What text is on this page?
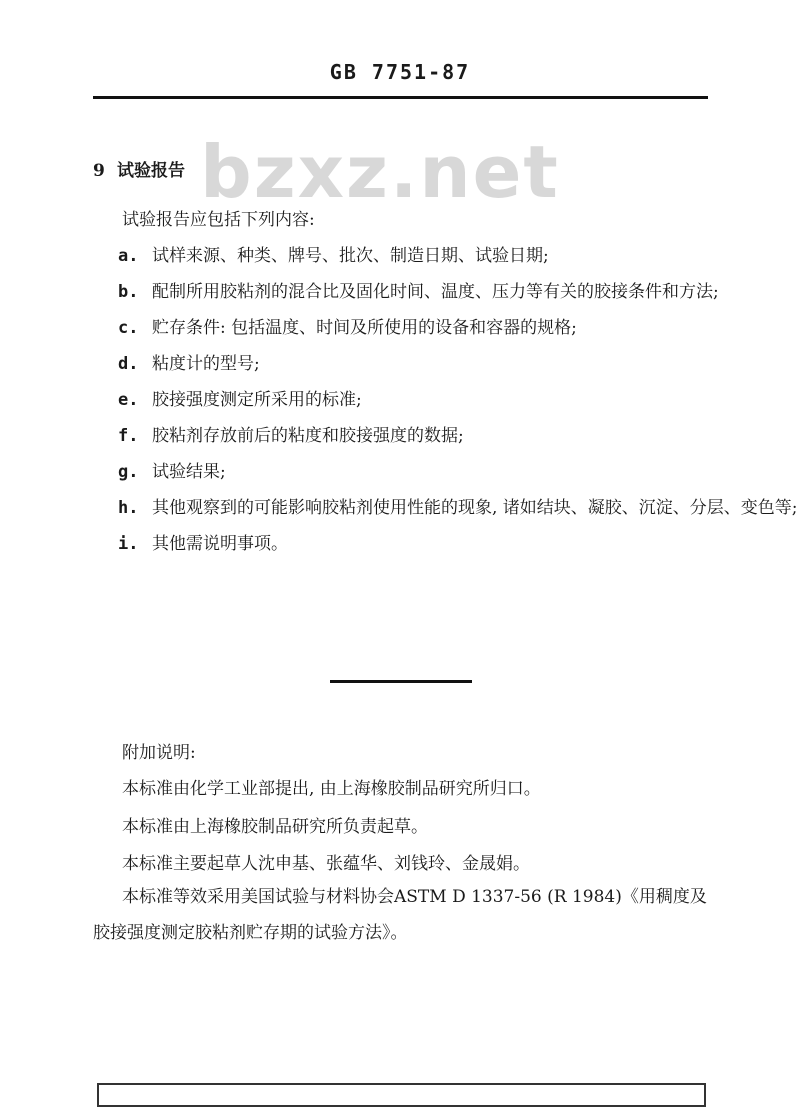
GB 7751-87
bzxz.net
9 试验报告
试验报告应包括下列内容:
a. 试样来源、种类、牌号、批次、制造日期、试验日期;
b. 配制所用胶粘剂的混合比及固化时间、温度、压力等有关的胶接条件和方法;
c. 贮存条件: 包括温度、时间及所使用的设备和容器的规格;
d. 粘度计的型号;
e. 胶接强度测定所采用的标准;
f. 胶粘剂存放前后的粘度和胶接强度的数据;
g. 试验结果;
h. 其他观察到的可能影响胶粘剂使用性能的现象, 诸如结块、凝胶、沉淀、分层、变色等;
i. 其他需说明事项。
附加说明:
本标准由化学工业部提出, 由上海橡胶制品研究所归口。
本标准由上海橡胶制品研究所负责起草。
本标准主要起草人沈申基、张蕴华、刘钱玲、金晟娟。
本标准等效采用美国试验与材料协会ASTM D 1337-56 (R 1984)《用稠度及胶接强度测定胶粘剂贮存期的试验方法》。
